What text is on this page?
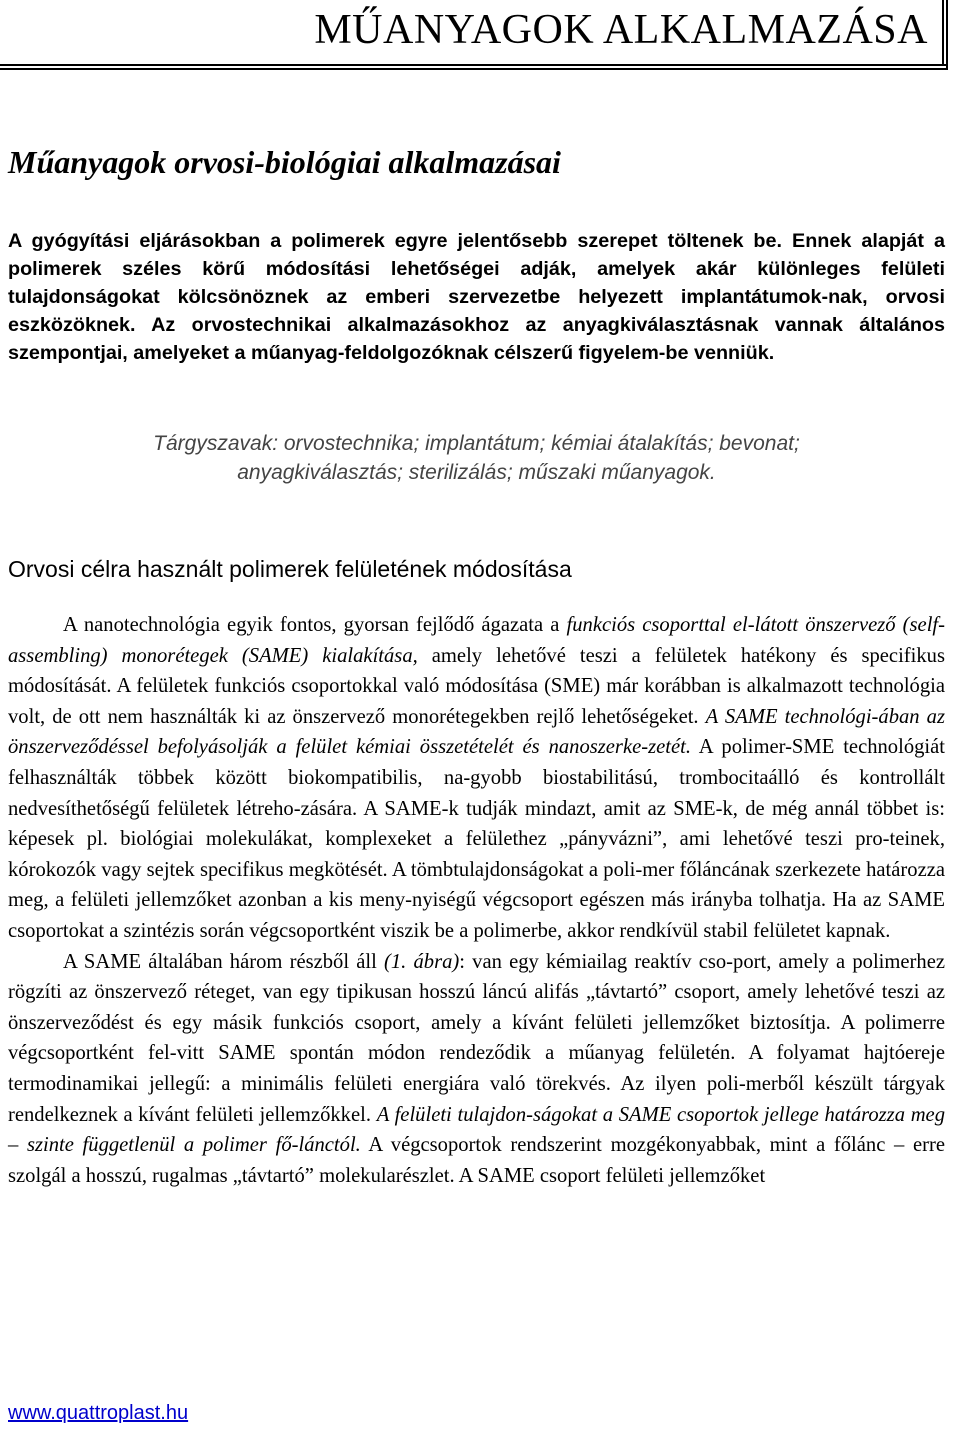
MŰANYAGOK ALKALMAZÁSA
Műanyagok orvosi-biológiai alkalmazásai

A gyógyítási eljárásokban a polimerek egyre jelentősebb szerepet töltenek be. Ennek alapját a polimerek széles körű módosítási lehetőségei adják, amelyek akár különleges felületi tulajdonságokat kölcsönöznek az emberi szervezetbe helyezett implantátumok-nak, orvosi eszközöknek. Az orvostechnikai alkalmazásokhoz az anyagkiválasztásnak vannak általános szempontjai, amelyeket a műanyag-feldolgozóknak célszerű figyelem-be venniük.

Tárgyszavak: orvostechnika; implantátum; kémiai átalakítás; bevonat;
anyagkiválasztás; sterilizálás; műszaki műanyagok.
Orvosi célra használt polimerek felületének módosítása

A nanotechnológia egyik fontos, gyorsan fejlődő ágazata a funkciós csoporttal el-látott önszervező (self-assembling) monorétegek (SAME) kialakítása, amely lehetővé teszi a felületek hatékony és specifikus módosítását. A felületek funkciós csoportokkal való módosítása (SME) már korábban is alkalmazott technológia volt, de ott nem használták ki az önszervező monorétegekben rejlő lehetőségeket. A SAME technológi-ában az önszerveződéssel befolyásolják a felület kémiai összetételét és nanoszerke-zetét. A polimer-SME technológiát felhasználták többek között biokompatibilis, na-gyobb biostabilitású, trombocitaálló és kontrollált nedvesíthetőségű felületek létreho-zására. A SAME-k tudják mindazt, amit az SME-k, de még annál többet is: képesek pl. biológiai molekulákat, komplexeket a felülethez „pányvázni”, ami lehetővé teszi pro-teinek, kórokozók vagy sejtek specifikus megkötését. A tömbtulajdonságokat a poli-mer főláncának szerkezete határozza meg, a felületi jellemzőket azonban a kis meny-nyiségű végcsoport egészen más irányba tolhatja. Ha az SAME csoportokat a szintézis során végcsoportként viszik be a polimerbe, akkor rendkívül stabil felületet kapnak.

A SAME általában három részből áll (1. ábra): van egy kémiailag reaktív cso-port, amely a polimerhez rögzíti az önszervező réteget, van egy tipikusan hosszú láncú alifás „távtartó” csoport, amely lehetővé teszi az önszerveződést és egy másik funkciós csoport, amely a kívánt felületi jellemzőket biztosítja. A polimerre végcsoportként fel-vitt SAME spontán módon rendeződik a műanyag felületén. A folyamat hajtóereje termodinamikai jellegű: a minimális felületi energiára való törekvés. Az ilyen poli-merből készült tárgyak rendelkeznek a kívánt felületi jellemzőkkel. A felületi tulajdon-ságokat a SAME csoportok jellege határozza meg – szinte függetlenül a polimer fő-lánctól. A végcsoportok rendszerint mozgékonyabbak, mint a főlánc – erre szolgál a hosszú, rugalmas „távtartó” molekularészlet. A SAME csoport felületi jellemzőket

www.quattroplast.hu
